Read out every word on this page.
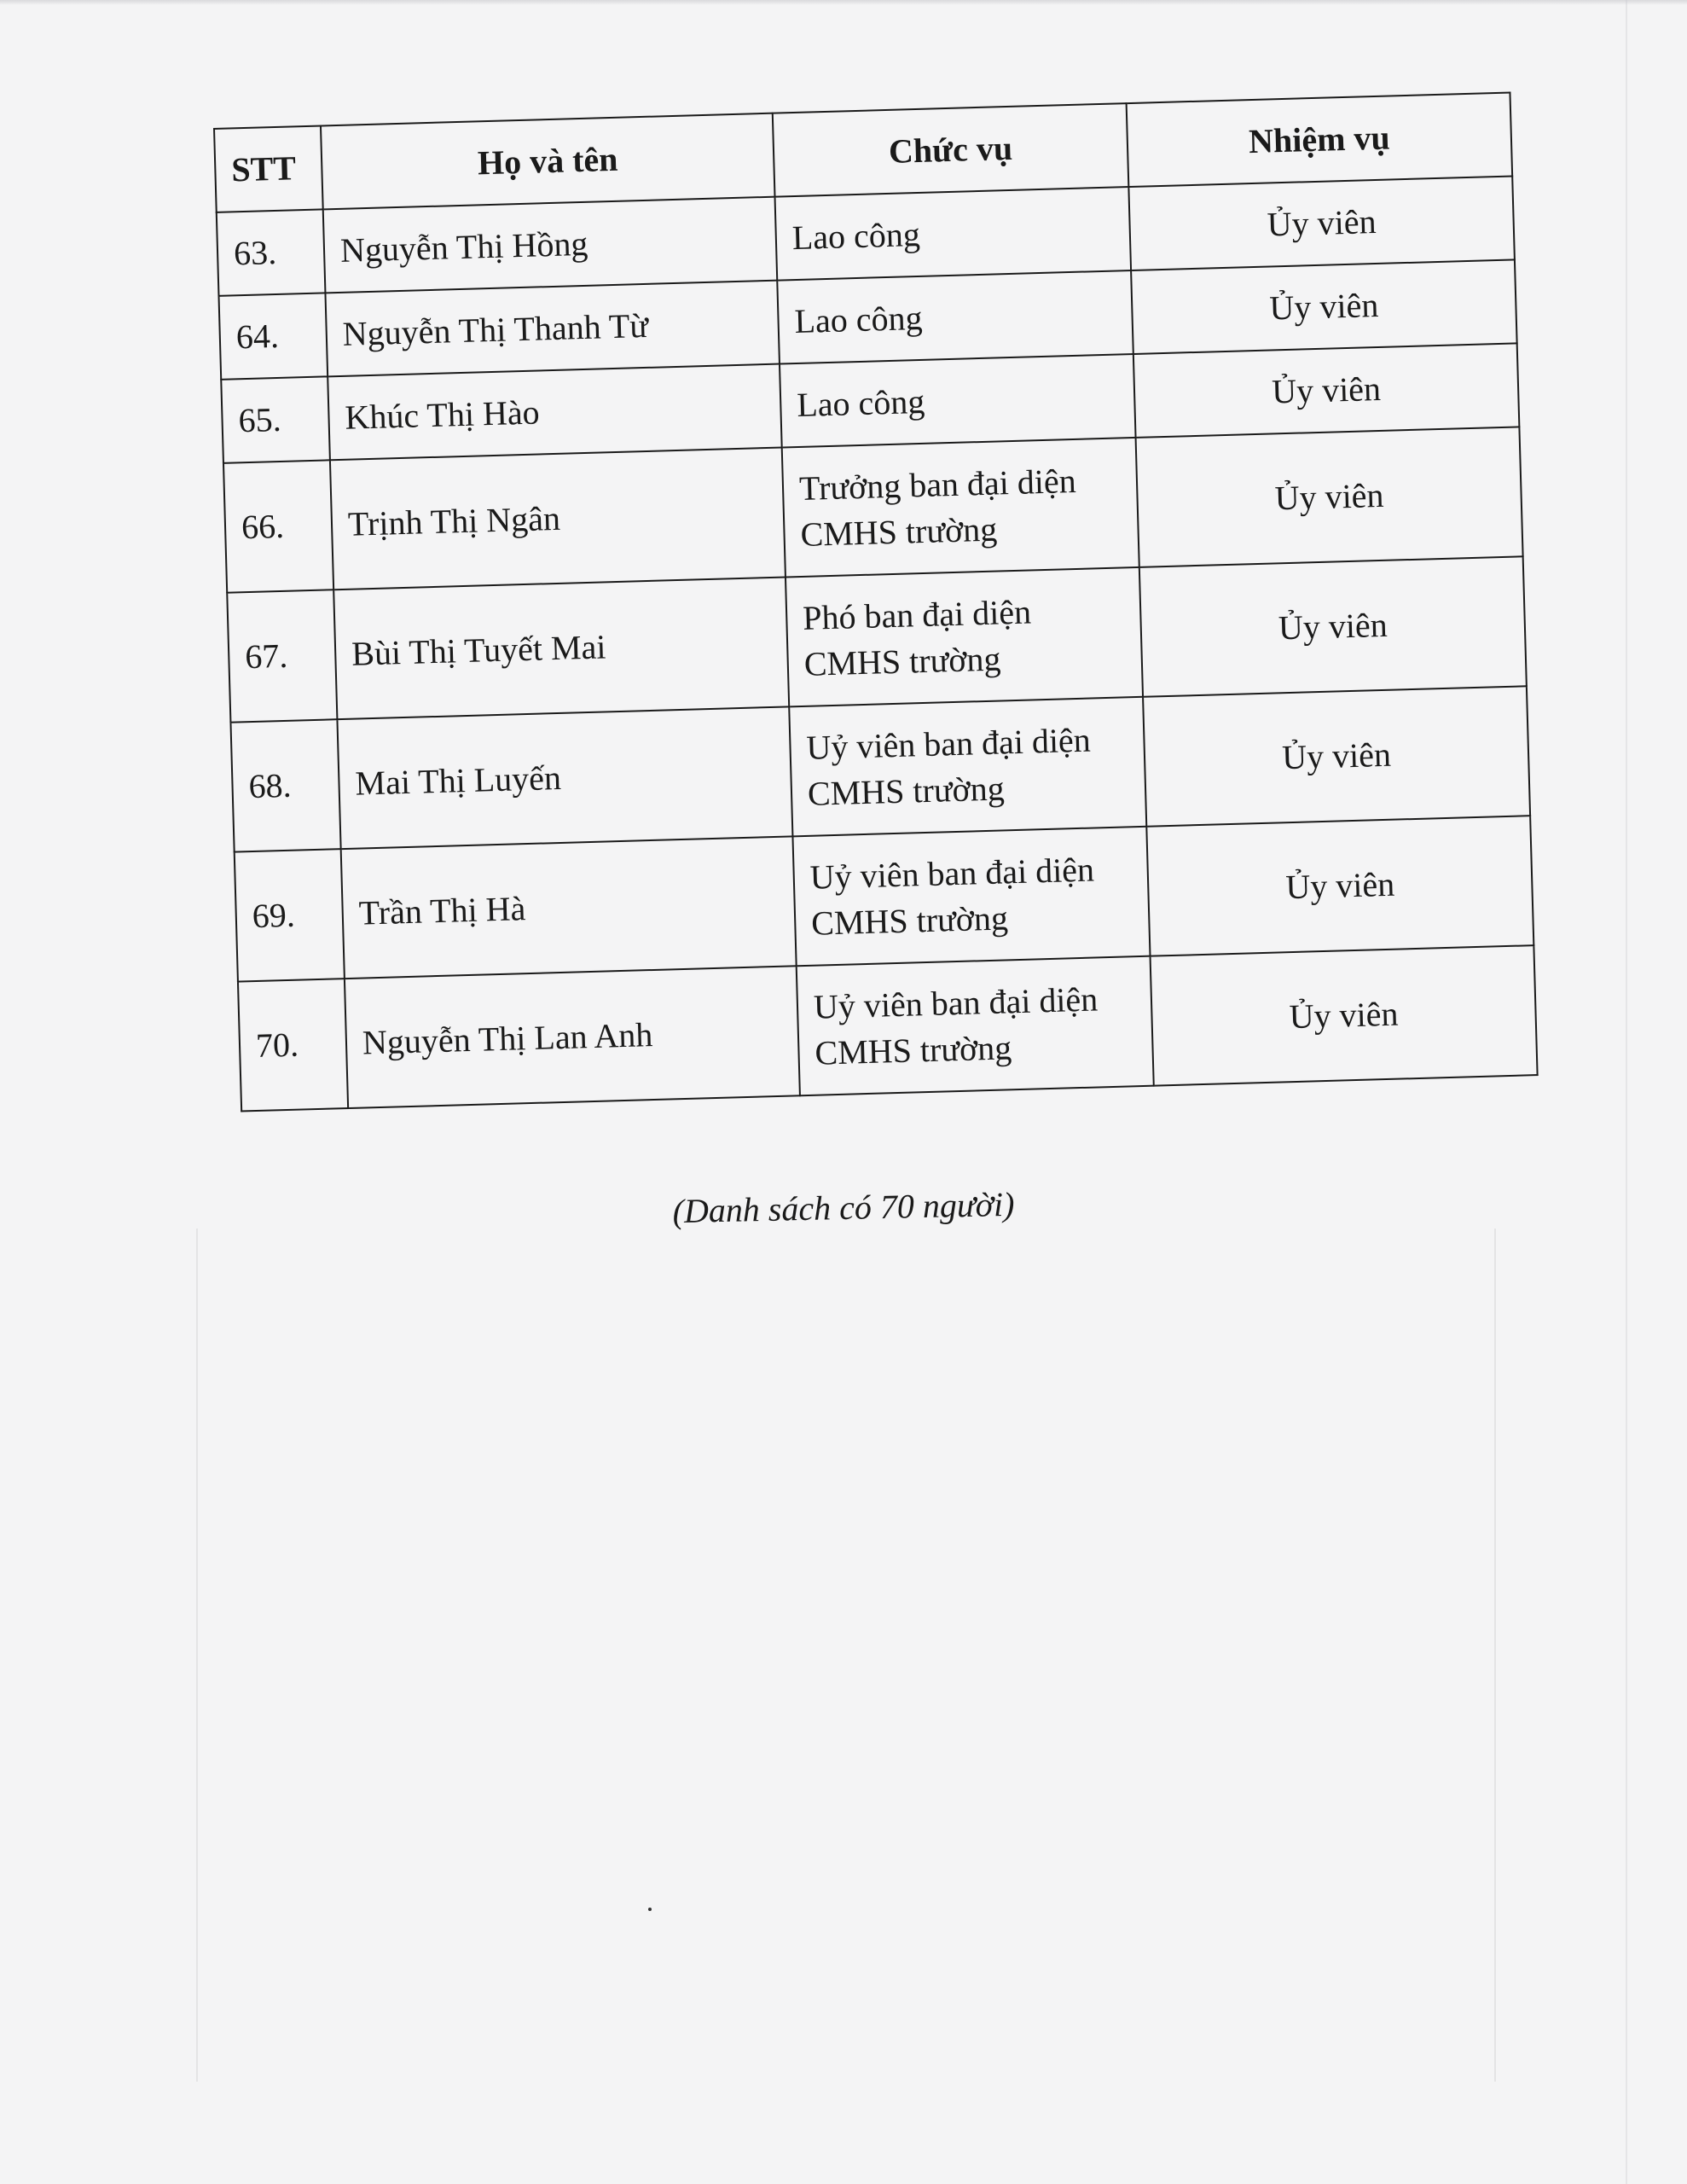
STT	Họ và tên	Chức vụ	Nhiệm vụ
63.	Nguyễn Thị Hồng	Lao công	Ủy viên
64.	Nguyễn Thị Thanh Từ	Lao công	Ủy viên
65.	Khúc Thị Hào	Lao công	Ủy viên
66.	Trịnh Thị Ngân	Trưởng ban đại diện CMHS trường	Ủy viên
67.	Bùi Thị Tuyết Mai	Phó ban đại diện CMHS trường	Ủy viên
68.	Mai Thị Luyến	Uỷ viên ban đại diện CMHS trường	Ủy viên
69.	Trần Thị Hà	Uỷ viên ban đại diện CMHS trường	Ủy viên
70.	Nguyễn Thị Lan Anh	Uỷ viên ban đại diện CMHS trường	Ủy viên
(Danh sách có 70 người)
